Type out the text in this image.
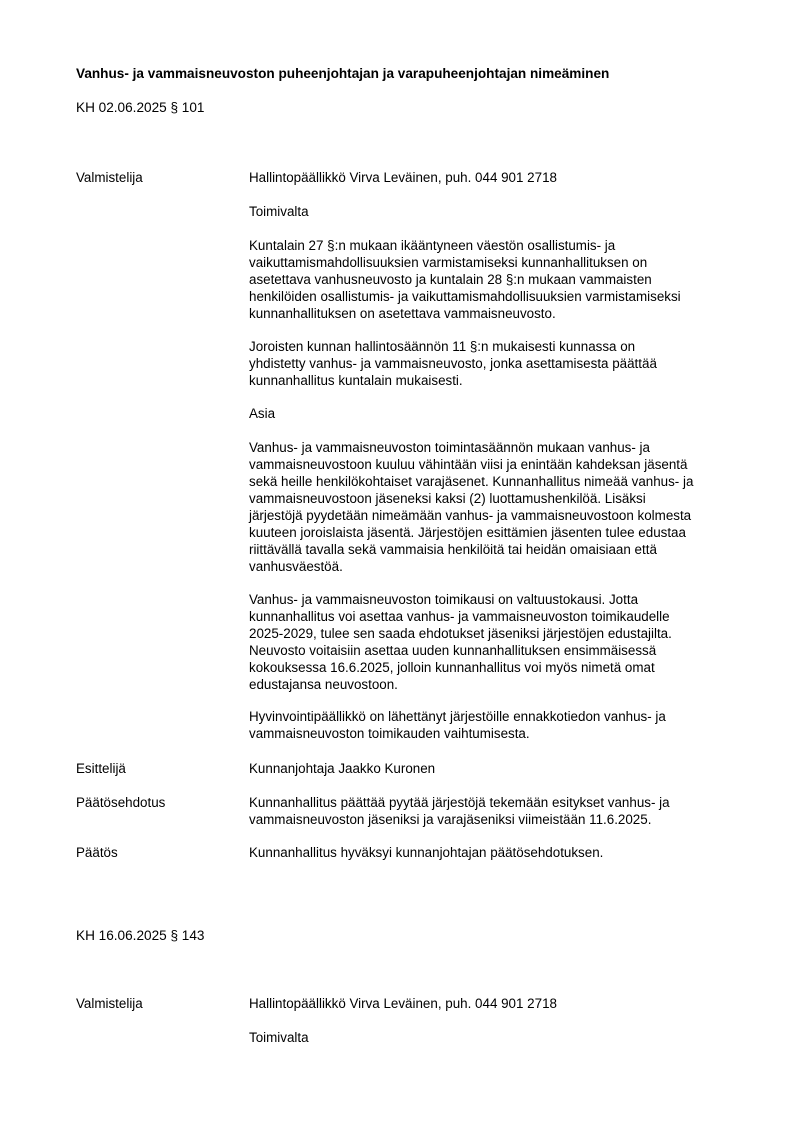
Vanhus- ja vammaisneuvoston puheenjohtajan ja varapuheenjohtajan nimeäminen
KH 02.06.2025 § 101
Valmistelija	Hallintopäällikkö Virva Leväinen, puh. 044 901 2718
Toimivalta
Kuntalain 27 §:n mukaan ikääntyneen väestön osallistumis- ja
vaikuttamismahdollisuuksien varmistamiseksi kunnanhallituksen on
asetettava vanhusneuvosto ja kuntalain 28 §:n mukaan vammaisten
henkilöiden osallistumis- ja vaikuttamismahdollisuuksien varmistamiseksi
kunnanhallituksen on asetettava vammaisneuvosto.
Joroisten kunnan hallintosäännön 11 §:n mukaisesti kunnassa on
yhdistetty vanhus- ja vammaisneuvosto, jonka asettamisesta päättää
kunnanhallitus kuntalain mukaisesti.
Asia
Vanhus- ja vammaisneuvoston toimintasäännön mukaan vanhus- ja
vammaisneuvostoon kuuluu vähintään viisi ja enintään kahdeksan jäsentä
sekä heille henkilökohtaiset varajäsenet. Kunnanhallitus nimeää vanhus- ja
vammaisneuvostoon jäseneksi kaksi (2) luottamushenkilöä. Lisäksi
järjestöjä pyydetään nimeämään vanhus- ja vammaisneuvostoon kolmesta
kuuteen joroislaista jäsentä. Järjestöjen esittämien jäsenten tulee edustaa
riittävällä tavalla sekä vammaisia henkilöitä tai heidän omaisiaan että
vanhusväestöä.
Vanhus- ja vammaisneuvoston toimikausi on valtuustokausi. Jotta
kunnanhallitus voi asettaa vanhus- ja vammaisneuvoston toimikaudelle
2025-2029, tulee sen saada ehdotukset jäseniksi järjestöjen edustajilta.
Neuvosto voitaisiin asettaa uuden kunnanhallituksen ensimmäisessä
kokouksessa 16.6.2025, jolloin kunnanhallitus voi myös nimetä omat
edustajansa neuvostoon.
Hyvinvointipäällikkö on lähettänyt järjestöille ennakkotiedon vanhus- ja
vammaisneuvoston toimikauden vaihtumisesta.
Esittelijä	Kunnanjohtaja Jaakko Kuronen
Päätösehdotus	Kunnanhallitus päättää pyytää järjestöjä tekemään esitykset vanhus- ja
vammaisneuvoston jäseniksi ja varajäseniksi viimeistään 11.6.2025.
Päätös	Kunnanhallitus hyväksyi kunnanjohtajan päätösehdotuksen.
KH 16.06.2025 § 143
Valmistelija	Hallintopäällikkö Virva Leväinen, puh. 044 901 2718
Toimivalta
